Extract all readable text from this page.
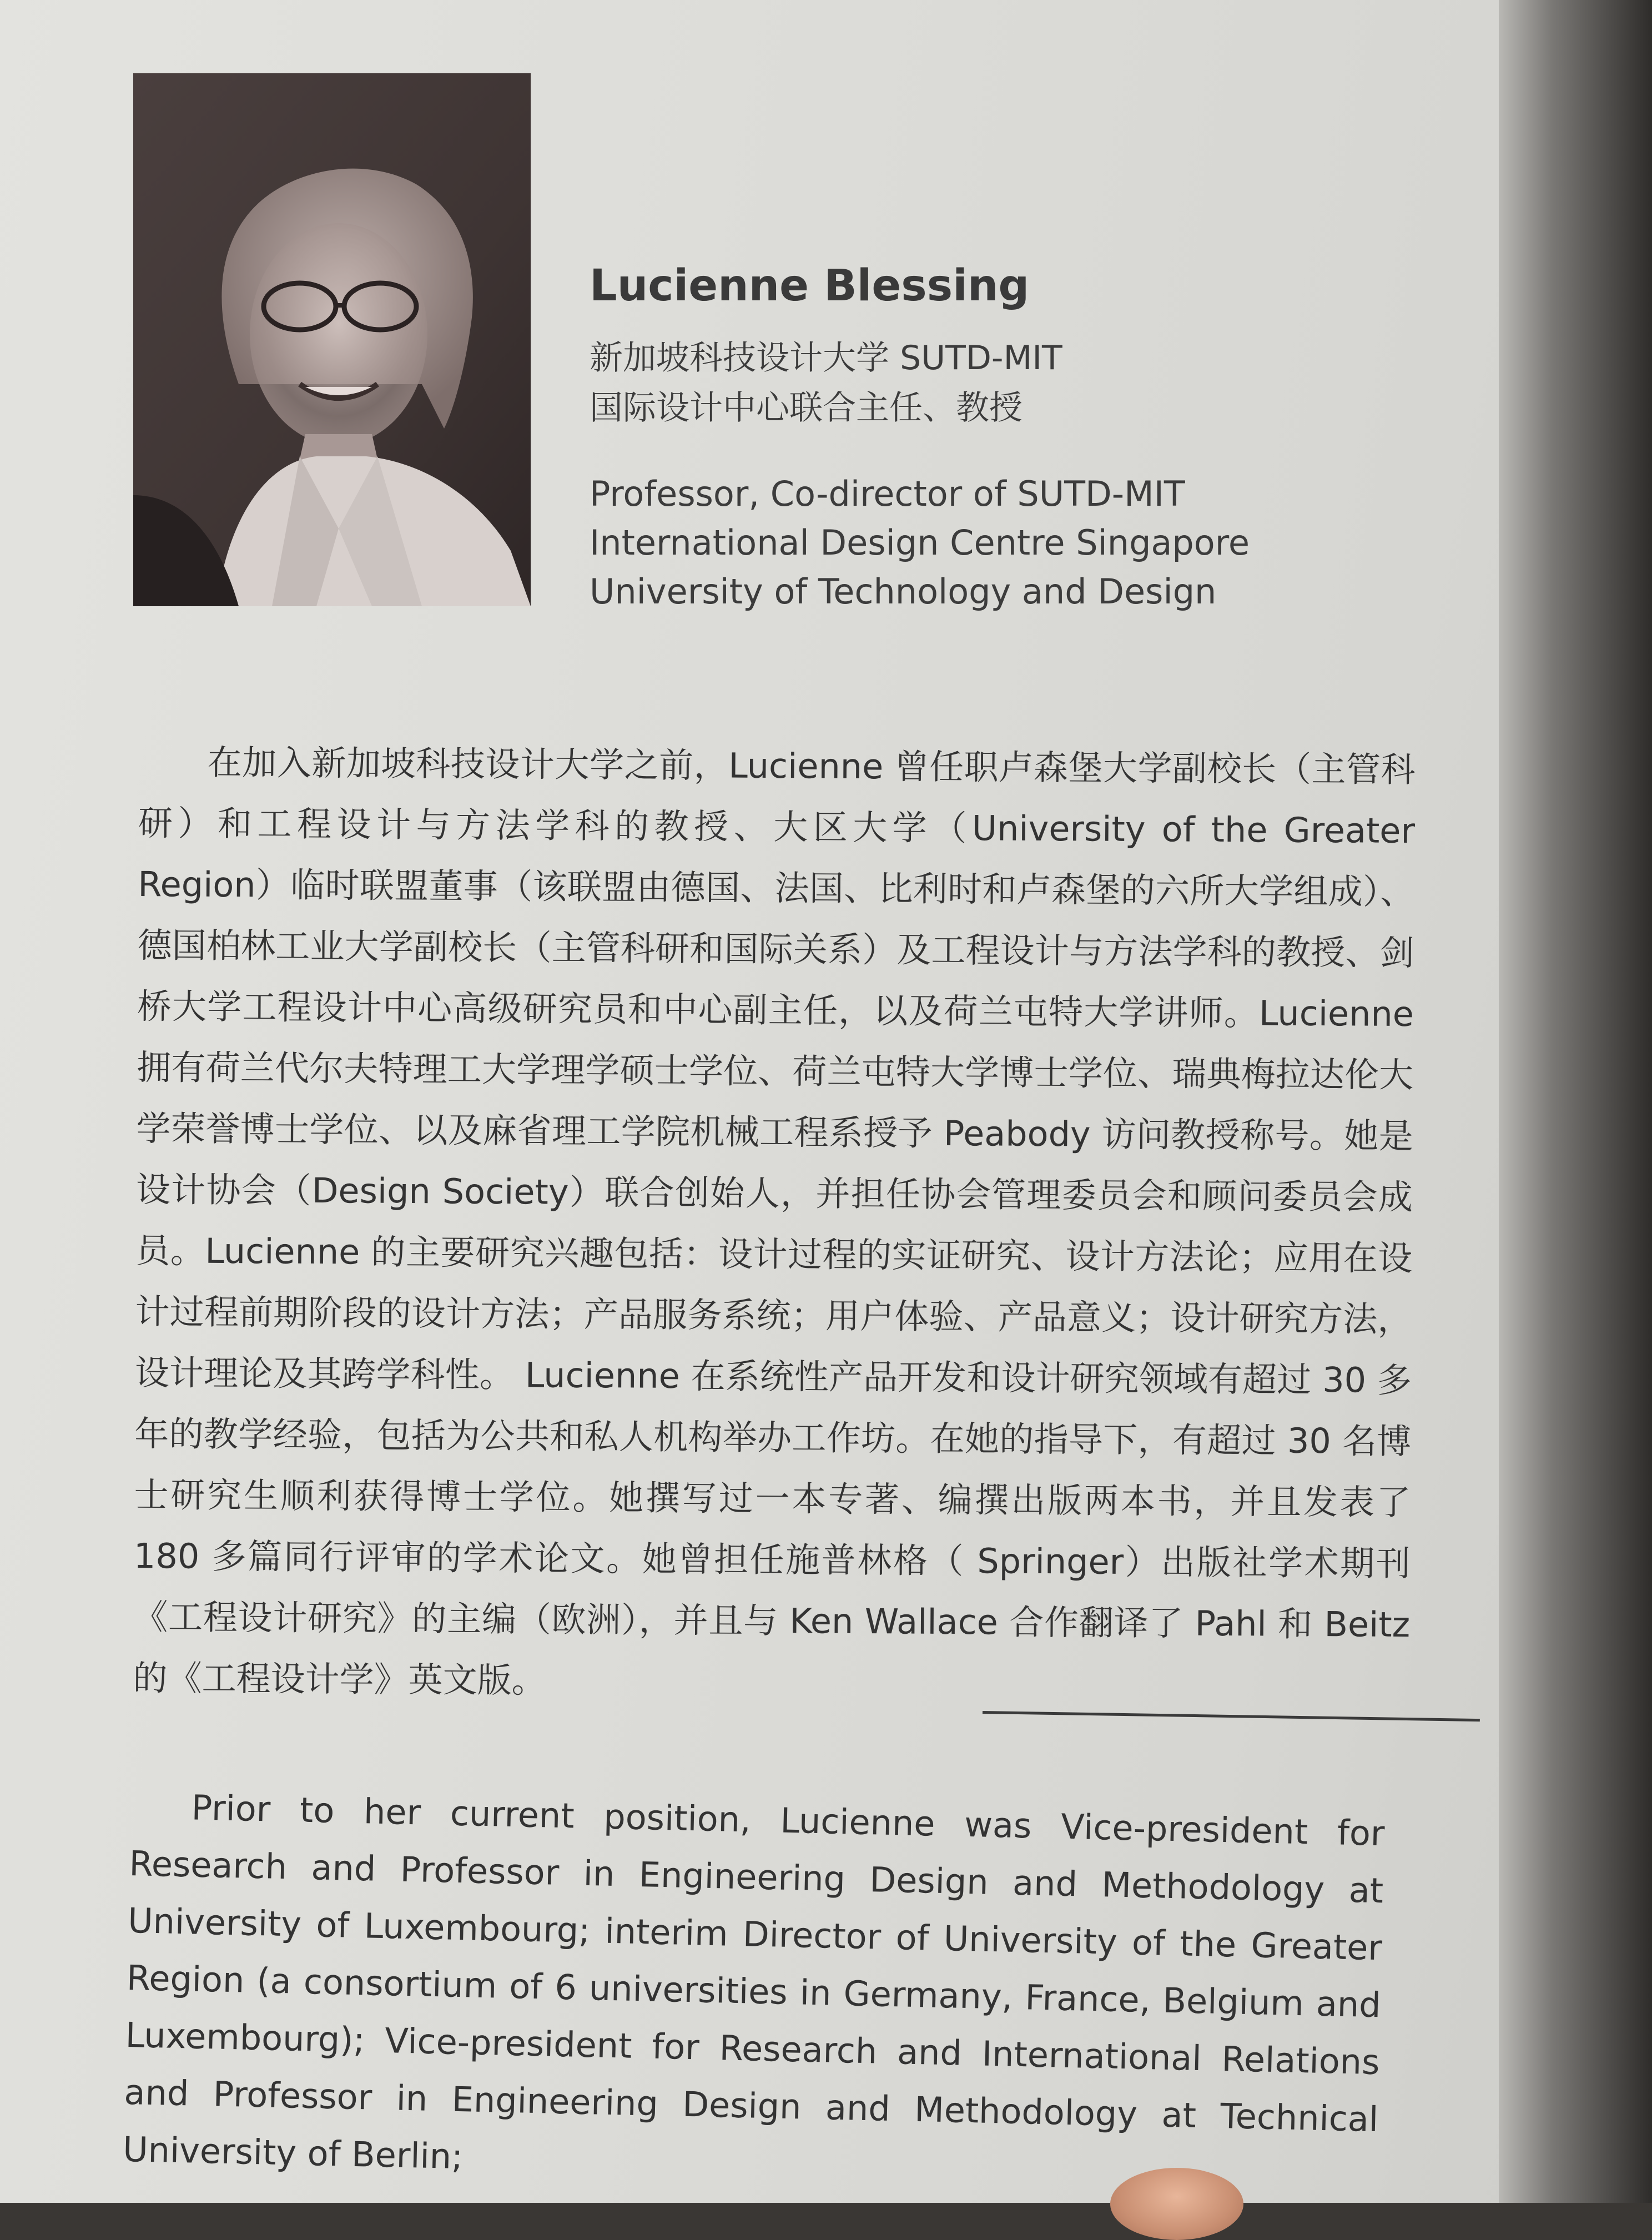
Lucienne Blessing
新加坡科技设计大学 SUTD-MIT
国际设计中心联合主任、教授
Professor, Co-director of SUTD-MIT
International Design Centre Singapore
University of Technology and Design
在加入新加坡科技设计大学之前，Lucienne 曾任职卢森堡大学副校长（主管科研）和工程设计与方法学科的教授、大区大学（University of the Greater Region）临时联盟董事（该联盟由德国、法国、比利时和卢森堡的六所大学组成）、德国柏林工业大学副校长（主管科研和国际关系）及工程设计与方法学科的教授、剑桥大学工程设计中心高级研究员和中心副主任，以及荷兰屯特大学讲师。Lucienne 拥有荷兰代尔夫特理工大学理学硕士学位、荷兰屯特大学博士学位、瑞典梅拉达伦大学荣誉博士学位、以及麻省理工学院机械工程系授予 Peabody 访问教授称号。她是设计协会（Design Society）联合创始人，并担任协会管理委员会和顾问委员会成员。Lucienne 的主要研究兴趣包括：设计过程的实证研究、设计方法论；应用在设计过程前期阶段的设计方法；产品服务系统；用户体验、产品意义；设计研究方法，设计理论及其跨学科性。 Lucienne 在系统性产品开发和设计研究领域有超过 30 多年的教学经验，包括为公共和私人机构举办工作坊。在她的指导下，有超过 30 名博士研究生顺利获得博士学位。她撰写过一本专著、编撰出版两本书，并且发表了 180 多篇同行评审的学术论文。她曾担任施普林格（ Springer）出版社学术期刊《工程设计研究》的主编（欧洲），并且与 Ken Wallace 合作翻译了 Pahl 和 Beitz 的《工程设计学》英文版。
Prior to her current position, Lucienne was Vice-president for Research and Professor in Engineering Design and Methodology at University of Luxembourg; interim Director of University of the Greater Region (a consortium of 6 universities in Germany, France, Belgium and Luxembourg); Vice-president for Research and International Relations and Professor in Engineering Design and Methodology at Technical University of Berlin;
